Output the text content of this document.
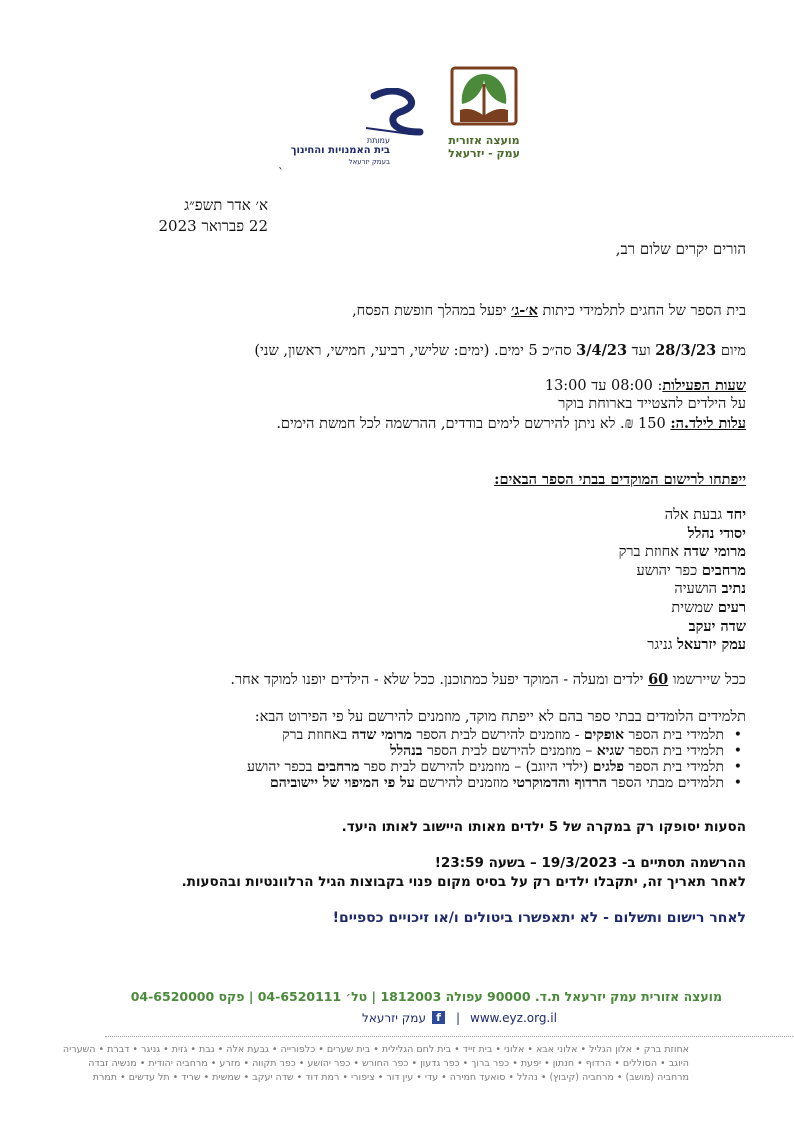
מועצה אזורית
עמק - יזרעאל
עמותת
בית האמנויות והחינוך
בעמק יזרעאל
`
א׳ אדר תשפ״ג
22 פברואר 2023
הורים יקרים שלום רב,
בית הספר של החגים לתלמידי כיתות א׳-ג׳ יפעל במהלך חופשת הפסח,
מיום 28/3/23 ועד 3/4/23 סה״כ 5 ימים. (ימים: שלישי, רביעי, חמישי, ראשון, שני)
שעות הפעילות: 08:00 עד 13:00
על הילדים להצטייד בארוחת בוקר
עלות לילד.ה: 150 ₪. לא ניתן להירשם לימים בודדים, ההרשמה לכל חמשת הימים.
ייפתחו לרישום המוקדים בבתי הספר הבאים:
יחד גבעת אלה
יסודי נהלל
מרומי שדה אחוזת ברק
מרחבים כפר יהושע
נתיב הושעיה
רעים שמשית
שדה יעקב
עמק יזרעאל גניגר
ככל שיירשמו 60 ילדים ומעלה - המוקד יפעל כמתוכנן. ככל שלא - הילדים יופנו למוקד אחר.
תלמידים הלומדים בבתי ספר בהם לא ייפתח מוקד, מוזמנים להירשם על פי הפירוט הבא:
• תלמידי בית הספר אופקים - מוזמנים להירשם לבית הספר מרומי שדה באחוזת ברק
• תלמידי בית הספר שגיא – מוזמנים להירשם לבית הספר בנהלל
• תלמידי בית הספר פלגים (ילדי היוגב) – מוזמנים להירשם לבית ספר מרחבים בכפר יהושע
• תלמידים מבתי הספר הרדוף והדמוקרטי מוזמנים להירשם על פי המיפוי של יישוביהם
הסעות יסופקו רק במקרה של 5 ילדים מאותו היישוב לאותו היעד.
ההרשמה תסתיים ב- 19/3/2023 – בשעה 23:59!
לאחר תאריך זה, יתקבלו ילדים רק על בסיס מקום פנוי בקבוצות הגיל הרלוונטיות ובהסעות.
לאחר רישום ותשלום - לא יתאפשרו ביטולים ו/או זיכויים כספיים!
מועצה אזורית עמק יזרעאל ת.ד. 90000 עפולה 1812003 | טל׳ 04-6520111 | פקס 04-6520000
www.eyz.org.il
|
f
עמק יזרעאל
אחוזת ברק • אלון הגליל • אלוני אבא • אלוני • בית זייד • בית לחם הגלילית • בית שערים • כלפורייה • גבעת אלה • גבת • גזית • גניגר • דברת • השעריה
היוגב • הסוללים • הרדוף • חנתון • יפעת • כפר ברוך • כפר גדעון • כפר החורש • כפר יהושע • כפר תקווה • מזרע • מרחביה יהודית • מנשיה זבדה
מרחביה (מושב) • מרחביה (קיבוץ) • נהלל • סואעד חמירה • עדי • עין דור • ציפורי • רמת דוד • שדה יעקב • שמשית • שריד • תל עדשים • תמרת
